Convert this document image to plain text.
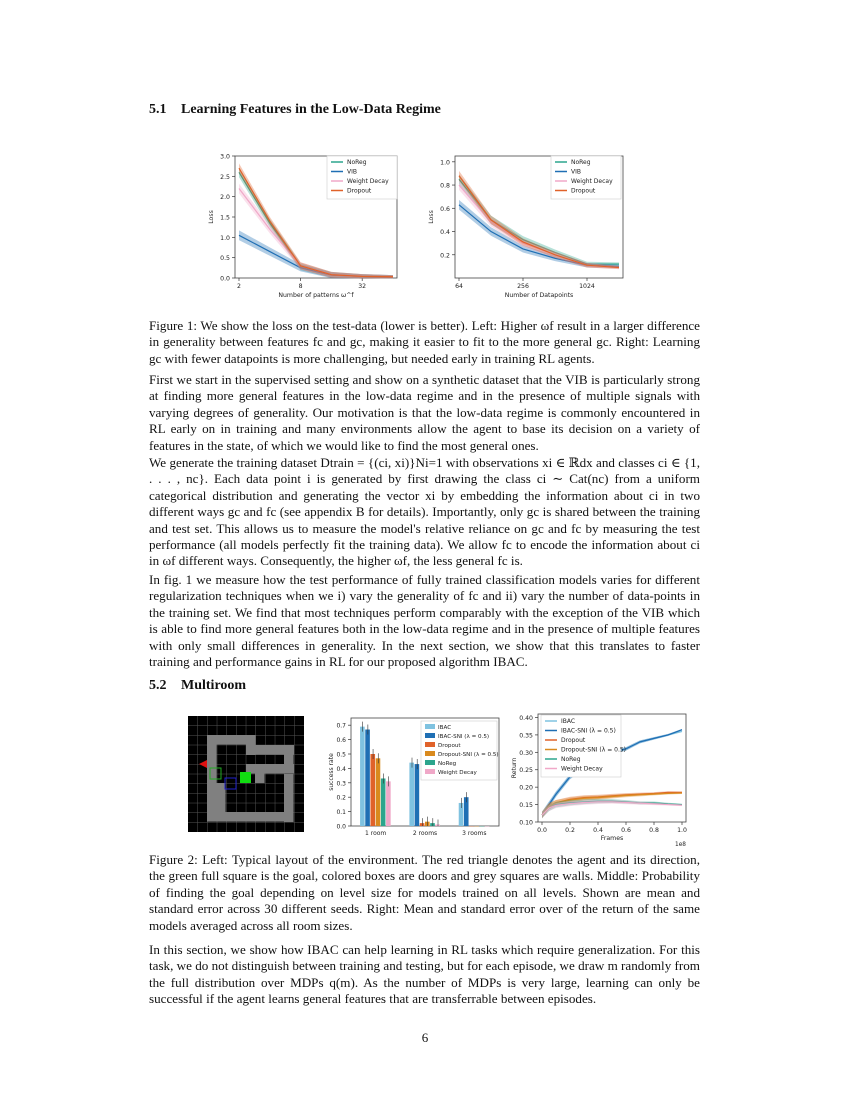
5.1 Learning Features in the Low-Data Regime
0.0
0.5
1.0
1.5
2.0
2.5
3.0
2	8	32
Number of patterns ω^f
Loss
NoReg
VIB
Weight Decay
Dropout
0.2
0.4
0.6
0.8
1.0
64	256	1024
Number of Datapoints
Loss
NoReg
VIB
Weight Decay
Dropout
Figure 1: We show the loss on the test-data (lower is better). Left: Higher ωf result in a larger difference in generality between features fc and gc, making it easier to fit to the more general gc. Right: Learning gc with fewer datapoints is more challenging, but needed early in training RL agents.
First we start in the supervised setting and show on a synthetic dataset that the VIB is particularly strong at finding more general features in the low-data regime and in the presence of multiple signals with varying degrees of generality. Our motivation is that the low-data regime is commonly encountered in RL early on in training and many environments allow the agent to base its decision on a variety of features in the state, of which we would like to find the most general ones.
We generate the training dataset Dtrain = {(ci, xi)}Ni=1 with observations xi ∈ ℝdx and classes ci ∈ {1, . . . , nc}. Each data point i is generated by first drawing the class ci ∼ Cat(nc) from a uniform categorical distribution and generating the vector xi by embedding the information about ci in two different ways gc and fc (see appendix B for details). Importantly, only gc is shared between the training and test set. This allows us to measure the model's relative reliance on gc and fc by measuring the test performance (all models perfectly fit the training data). We allow fc to encode the information about ci in ωf different ways. Consequently, the higher ωf, the less general fc is.
In fig. 1 we measure how the test performance of fully trained classification models varies for different regularization techniques when we i) vary the generality of fc and ii) vary the number of data-points in the training set. We find that most techniques perform comparably with the exception of the VIB which is able to find more general features both in the low-data regime and in the presence of multiple features with only small differences in generality. In the next section, we show that this translates to faster training and performance gains in RL for our proposed algorithm IBAC.
5.2 Multiroom
0.0
0.1
0.2
0.3
0.4
0.5
0.6
0.7
success rate
1 room	2 rooms	3 rooms
IBAC
IBAC-SNI (λ = 0.5)
Dropout
Dropout-SNI (λ = 0.5)
NoReg
Weight Decay
0.10
0.15
0.20
0.25
0.30
0.35
0.40
0.0	0.2	0.4	0.6	0.8	1.0
1e8
Frames
Return
IBAC
IBAC-SNI (λ = 0.5)
Dropout
Dropout-SNI (λ = 0.5)
NoReg
Weight Decay
Figure 2: Left: Typical layout of the environment. The red triangle denotes the agent and its direction, the green full square is the goal, colored boxes are doors and grey squares are walls. Middle: Probability of finding the goal depending on level size for models trained on all levels. Shown are mean and standard error across 30 different seeds. Right: Mean and standard error over of the return of the same models averaged across all room sizes.
In this section, we show how IBAC can help learning in RL tasks which require generalization. For this task, we do not distinguish between training and testing, but for each episode, we draw m randomly from the full distribution over MDPs q(m). As the number of MDPs is very large, learning can only be successful if the agent learns general features that are transferrable between episodes.
6
